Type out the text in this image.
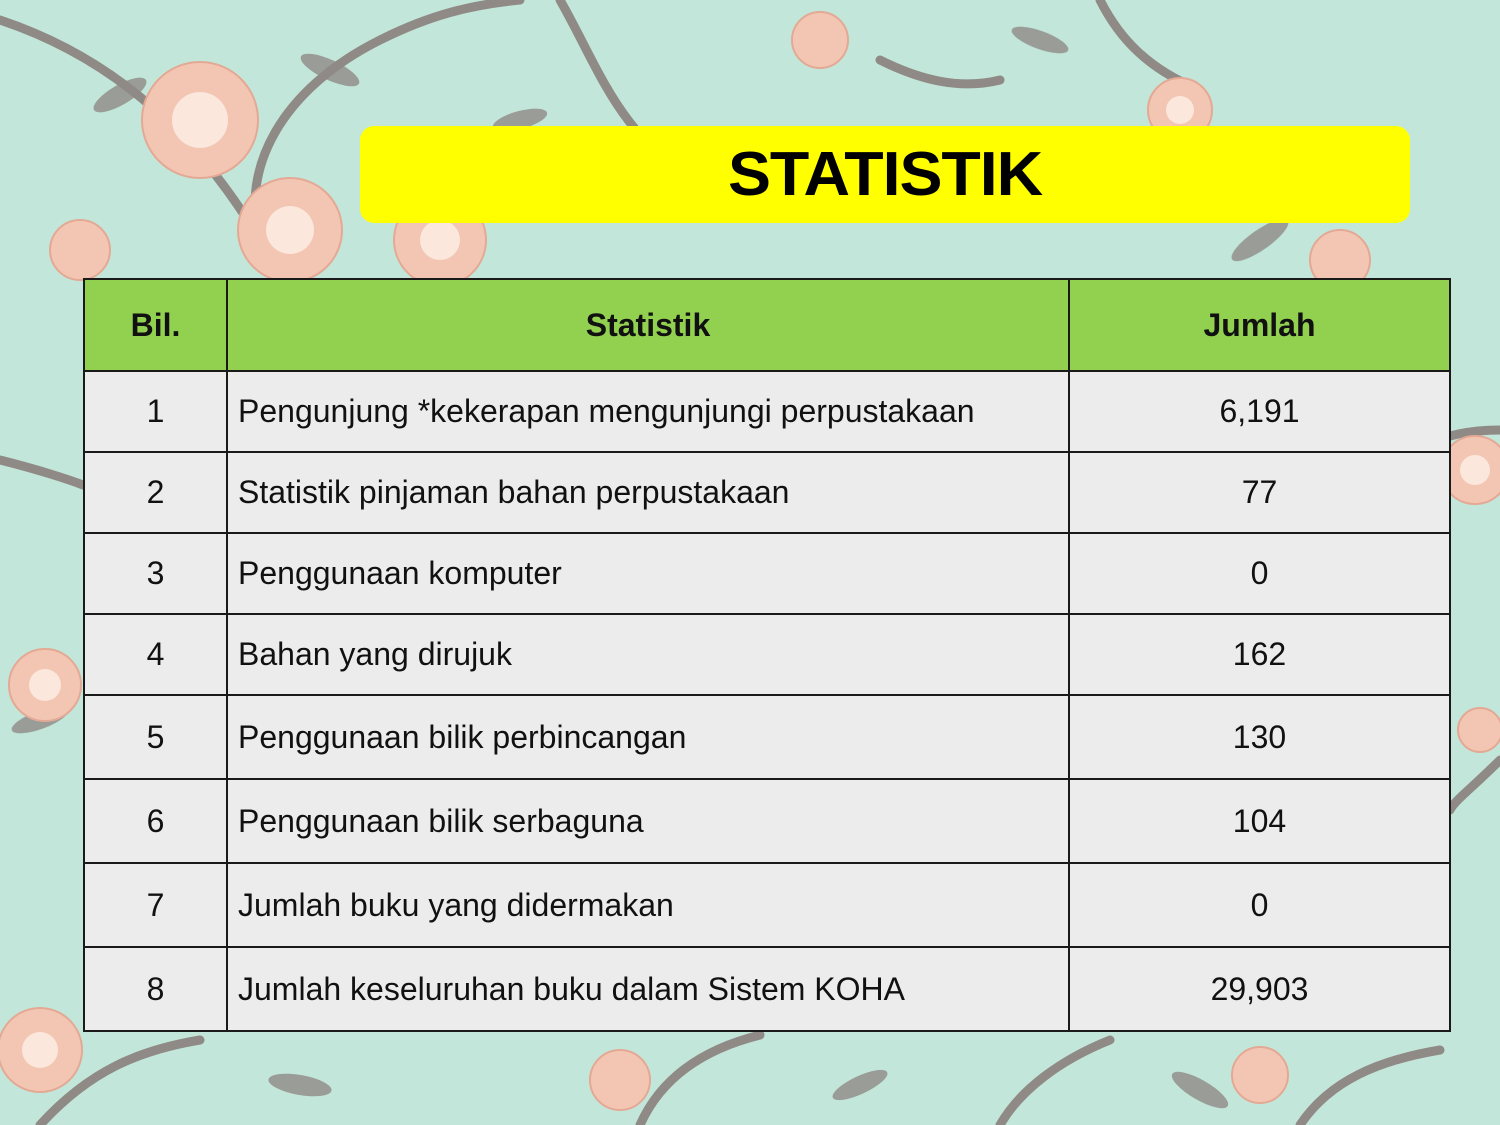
STATISTIK
Bil.	Statistik	Jumlah
1	Pengunjung *kekerapan mengunjungi perpustakaan	6,191
2	Statistik pinjaman bahan perpustakaan	77
3	Penggunaan komputer	0
4	Bahan yang dirujuk	162
5	Penggunaan bilik perbincangan	130
6	Penggunaan bilik serbaguna	104
7	Jumlah buku yang didermakan	0
8	Jumlah keseluruhan buku dalam Sistem KOHA	29,903
